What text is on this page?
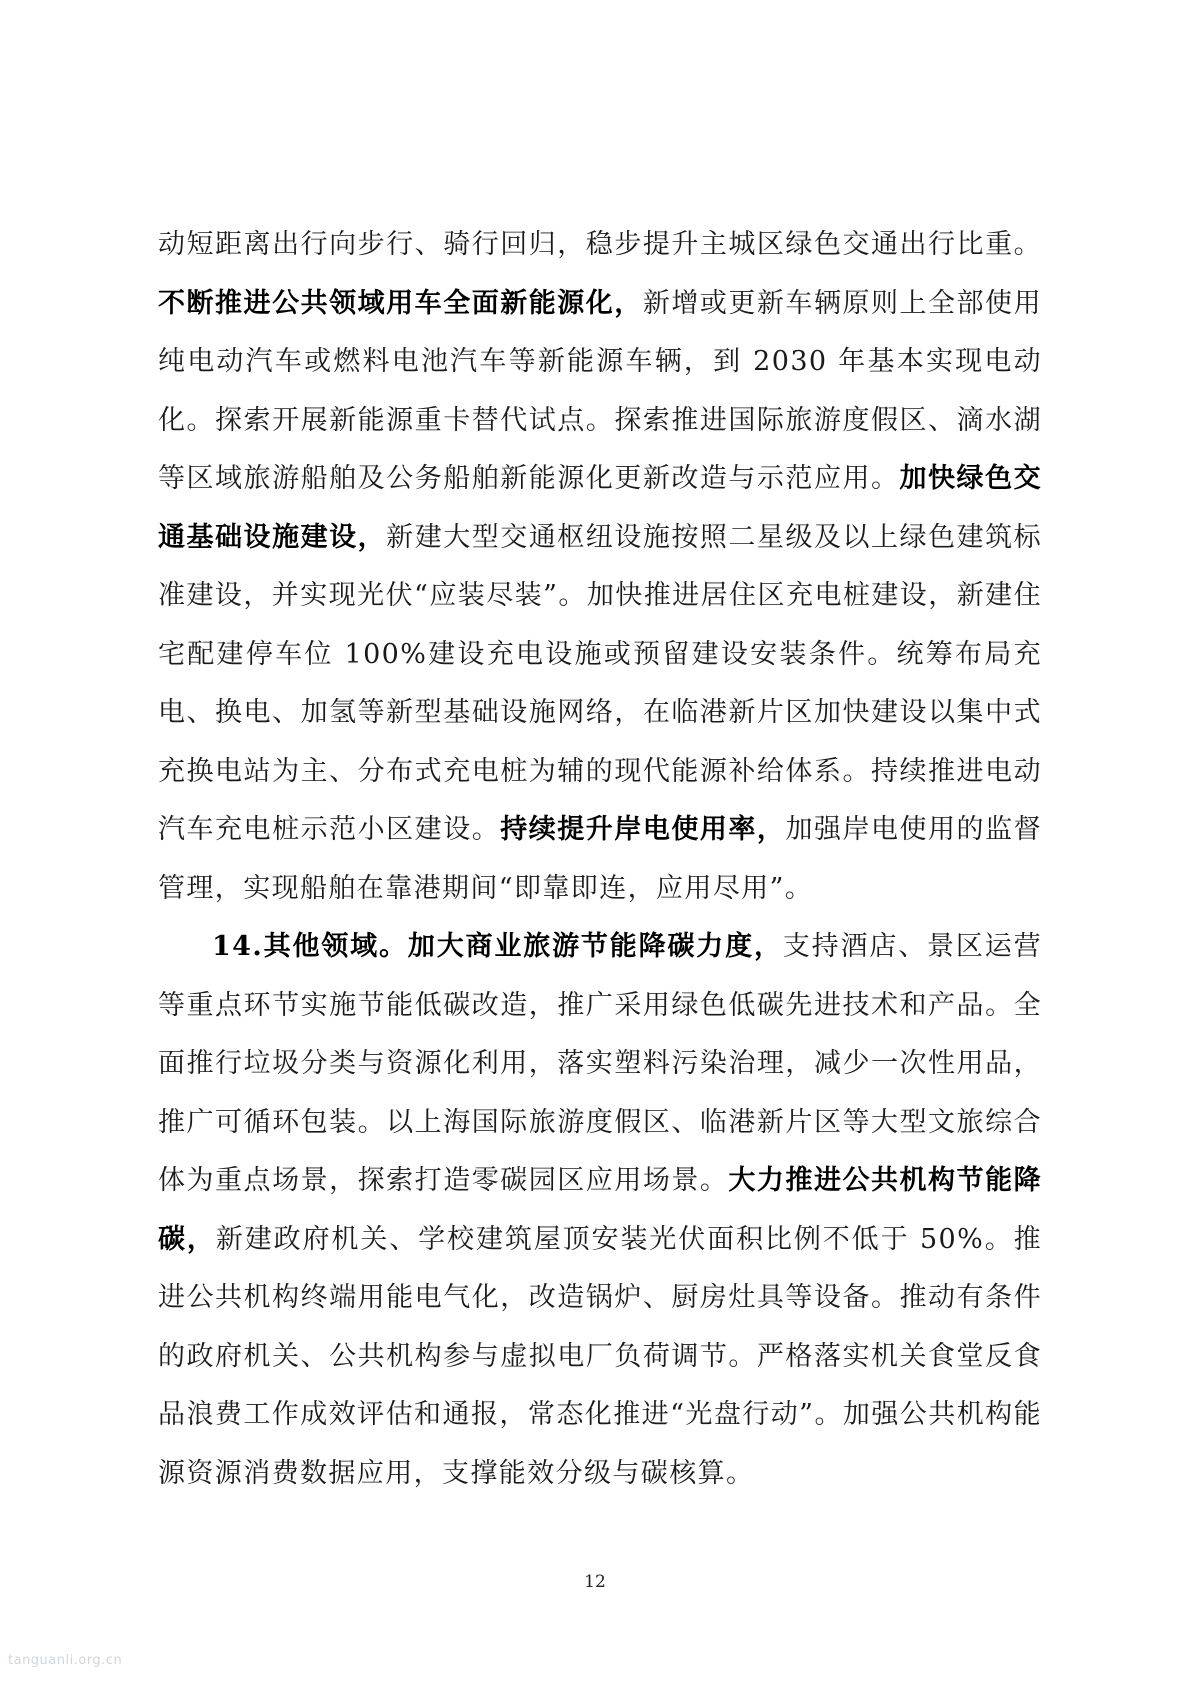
动短距离出行向步行、骑行回归，稳步提升主城区绿色交通出行比重。不断推进公共领域用车全面新能源化，新增或更新车辆原则上全部使用纯电动汽车或燃料电池汽车等新能源车辆，到 2030 年基本实现电动化。探索开展新能源重卡替代试点。探索推进国际旅游度假区、滴水湖等区域旅游船舶及公务船舶新能源化更新改造与示范应用。加快绿色交通基础设施建设，新建大型交通枢纽设施按照二星级及以上绿色建筑标准建设，并实现光伏“应装尽装”。加快推进居住区充电桩建设，新建住宅配建停车位 100%建设充电设施或预留建设安装条件。统筹布局充电、换电、加氢等新型基础设施网络，在临港新片区加快建设以集中式充换电站为主、分布式充电桩为辅的现代能源补给体系。持续推进电动汽车充电桩示范小区建设。持续提升岸电使用率，加强岸电使用的监督管理，实现船舶在靠港期间“即靠即连，应用尽用”。

14.其他领域。加大商业旅游节能降碳力度，支持酒店、景区运营等重点环节实施节能低碳改造，推广采用绿色低碳先进技术和产品。全面推行垃圾分类与资源化利用，落实塑料污染治理，减少一次性用品，推广可循环包装。以上海国际旅游度假区、临港新片区等大型文旅综合体为重点场景，探索打造零碳园区应用场景。大力推进公共机构节能降碳，新建政府机关、学校建筑屋顶安装光伏面积比例不低于 50%。推进公共机构终端用能电气化，改造锅炉、厨房灶具等设备。推动有条件的政府机关、公共机构参与虚拟电厂负荷调节。严格落实机关食堂反食品浪费工作成效评估和通报，常态化推进“光盘行动”。加强公共机构能源资源消费数据应用，支撑能效分级与碳核算。

12
tanguanli.org.cn
